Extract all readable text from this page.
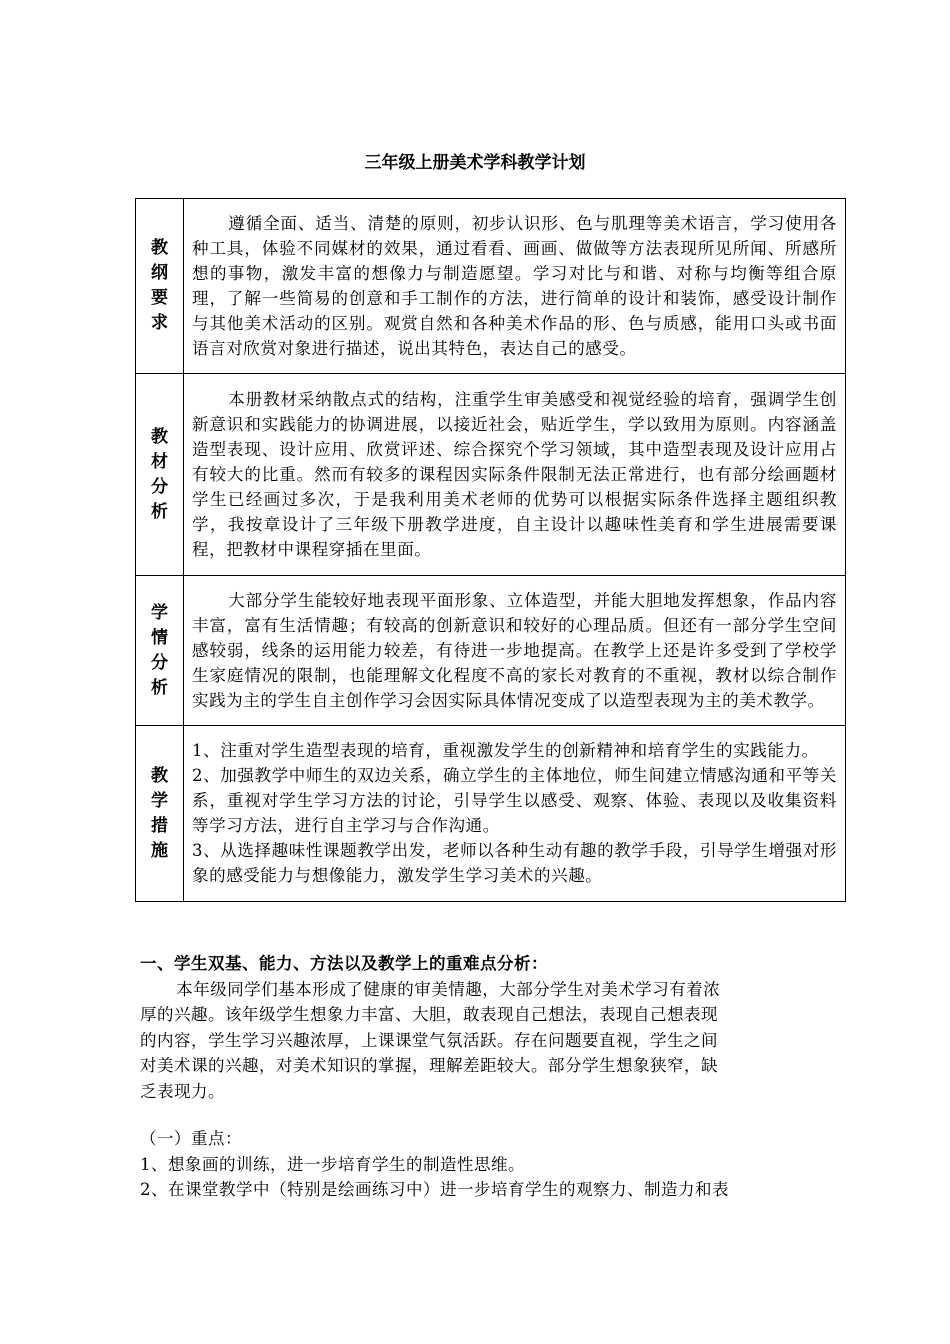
三年级上册美术学科教学计划
教纲要求	遵循全面、适当、清楚的原则，初步认识形、色与肌理等美术语言，学习使用各种工具，体验不同媒材的效果，通过看看、画画、做做等方法表现所见所闻、所感所想的事物，激发丰富的想像力与制造愿望。学习对比与和谐、对称与均衡等组合原理，了解一些简易的创意和手工制作的方法，进行简单的设计和装饰，感受设计制作与其他美术活动的区别。观赏自然和各种美术作品的形、色与质感，能用口头或书面语言对欣赏对象进行描述，说出其特色，表达自己的感受。

教材分析	本册教材采纳散点式的结构，注重学生审美感受和视觉经验的培育，强调学生创新意识和实践能力的协调进展，以接近社会，贴近学生，学以致用为原则。内容涵盖造型表现、设计应用、欣赏评述、综合探究个学习领域，其中造型表现及设计应用占有较大的比重。然而有较多的课程因实际条件限制无法正常进行，也有部分绘画题材学生已经画过多次，于是我利用美术老师的优势可以根据实际条件选择主题组织教学，我按章设计了三年级下册教学进度，自主设计以趣味性美育和学生进展需要课程，把教材中课程穿插在里面。

学情分析	大部分学生能较好地表现平面形象、立体造型，并能大胆地发挥想象，作品内容丰富，富有生活情趣；有较高的创新意识和较好的心理品质。但还有一部分学生空间感较弱，线条的运用能力较差，有待进一步地提高。在教学上还是许多受到了学校学生家庭情况的限制，也能理解文化程度不高的家长对教育的不重视，教材以综合制作实践为主的学生自主创作学习会因实际具体情况变成了以造型表现为主的美术教学。

教学措施	1、注重对学生造型表现的培育，重视激发学生的创新精神和培育学生的实践能力。

2、加强教学中师生的双边关系，确立学生的主体地位，师生间建立情感沟通和平等关系，重视对学生学习方法的讨论，引导学生以感受、观察、体验、表现以及收集资料等学习方法，进行自主学习与合作沟通。

3、从选择趣味性课题教学出发，老师以各种生动有趣的教学手段，引导学生增强对形象的感受能力与想像能力，激发学生学习美术的兴趣。

一、学生双基、能力、方法以及教学上的重难点分析：
本年级同学们基本形成了健康的审美情趣，大部分学生对美术学习有着浓
厚的兴趣。该年级学生想象力丰富、大胆，敢表现自己想法，表现自己想表现
的内容，学生学习兴趣浓厚，上课课堂气氛活跃。存在问题要直视，学生之间
对美术课的兴趣，对美术知识的掌握，理解差距较大。部分学生想象狭窄，缺
乏表现力。
（一）重点：
1、想象画的训练，进一步培育学生的制造性思维。
2、在课堂教学中（特别是绘画练习中）进一步培育学生的观察力、制造力和表
